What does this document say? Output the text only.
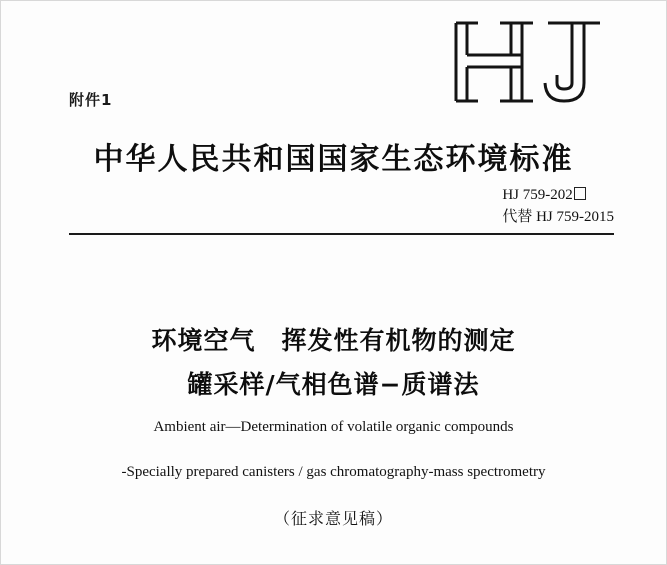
附件1
中华人民共和国国家生态环境标准
HJ 759-202
代替 HJ 759-2015
环境空气　挥发性有机物的测定
罐采样/气相色谱−质谱法
Ambient air—Determination of volatile organic compounds
-Specially prepared canisters / gas chromatography-mass spectrometry
（征求意见稿）
